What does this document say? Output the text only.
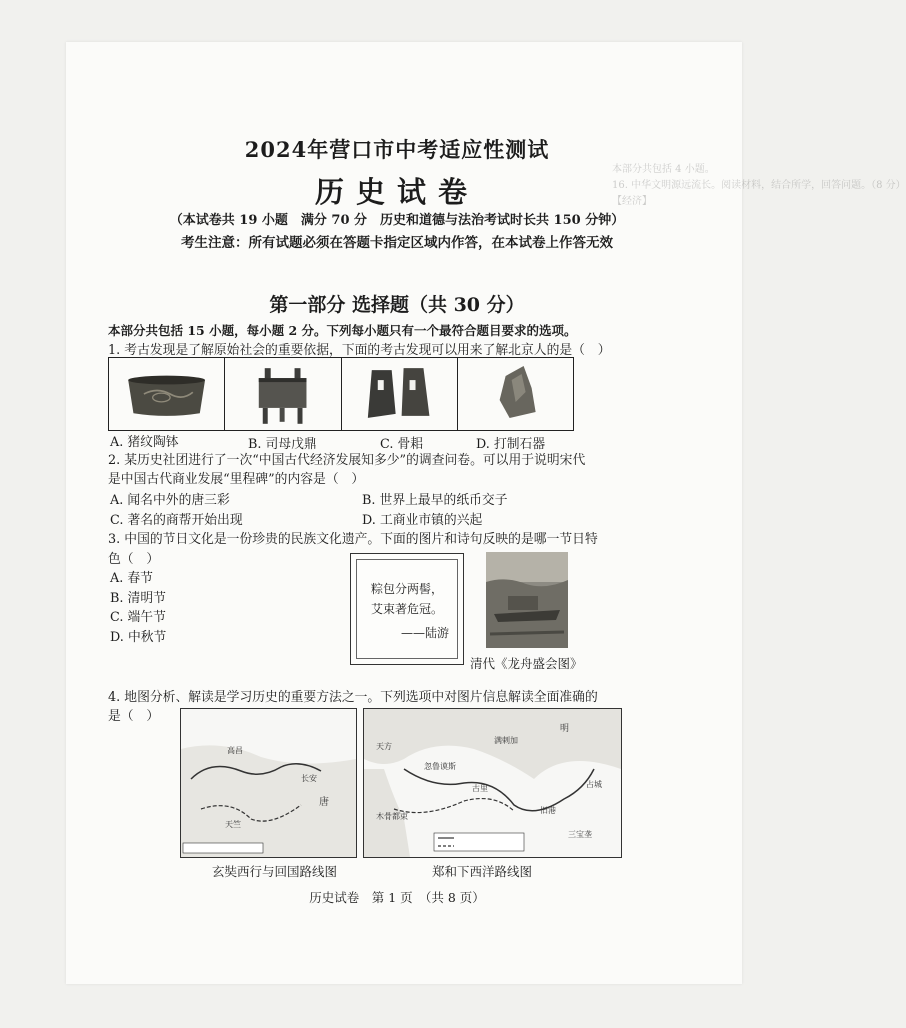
本部分共包括 4 小题。
16. 中华文明源远流长。阅读材料，结合所学，回答问题。（8 分）
【经济】
2024年营口市中考适应性测试
历史试卷
（本试卷共 19 小题　满分 70 分　历史和道德与法治考试时长共 150 分钟）
考生注意：所有试题必须在答题卡指定区域内作答，在本试卷上作答无效
第一部分 选择题（共 30 分）
本部分共包括 15 小题，每小题 2 分。下列每小题只有一个最符合题目要求的选项。
1. 考古发现是了解原始社会的重要依据，下面的考古发现可以用来了解北京人的是（　）
A. 猪纹陶钵	B. 司母戊鼎	C. 骨耜	D. 打制石器
2. 某历史社团进行了一次“中国古代经济发展知多少”的调查问卷。可以用于说明宋代
是中国古代商业发展“里程碑”的内容是（　）
A. 闻名中外的唐三彩	B. 世界上最早的纸币交子
C. 著名的商帮开始出现	D. 工商业市镇的兴起
3. 中国的节日文化是一份珍贵的民族文化遗产。下面的图片和诗句反映的是哪一节日特
色（　）
A. 春节
B. 清明节
C. 端午节
D. 中秋节
粽包分两髻，
艾束著危冠。
——陆游
清代《龙舟盛会图》
4. 地图分析、解读是学习历史的重要方法之一。下列选项中对图片信息解读全面准确的
是（　）
高昌
长安
天竺
唐
明
天方
古里
满剌加
木骨都束
旧港
三宝垄
忽鲁谟斯
占城
玄奘西行与回国路线图	郑和下西洋路线图
历史试卷　第 1 页　（共 8 页）
